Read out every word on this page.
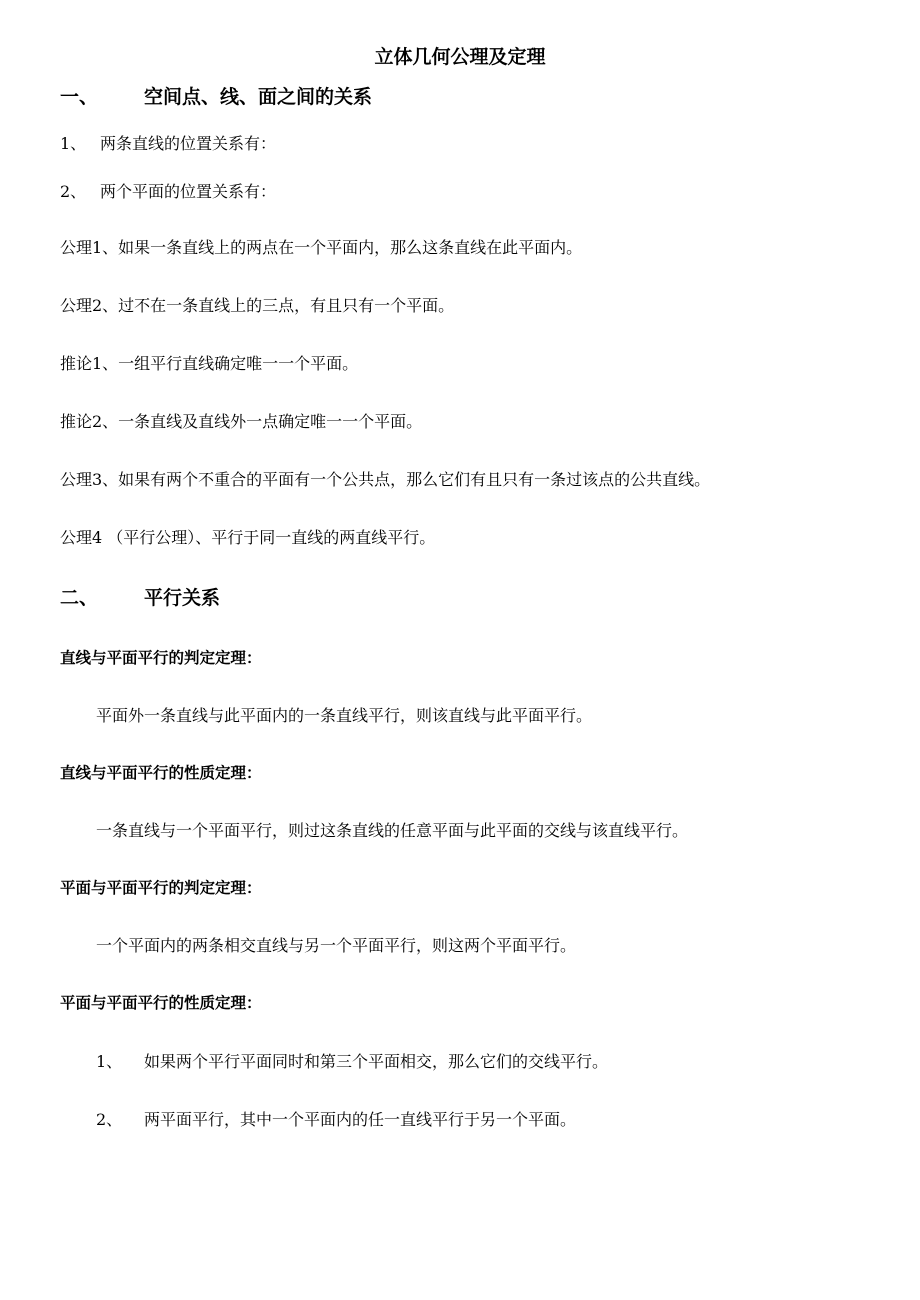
立体几何公理及定理
一、 空间点、线、面之间的关系
1、 两条直线的位置关系有：
2、 两个平面的位置关系有：
公理1、如果一条直线上的两点在一个平面内，那么这条直线在此平面内。
公理2、过不在一条直线上的三点，有且只有一个平面。
推论1、一组平行直线确定唯一一个平面。
推论2、一条直线及直线外一点确定唯一一个平面。
公理3、如果有两个不重合的平面有一个公共点，那么它们有且只有一条过该点的公共直线。
公理4 （平行公理）、平行于同一直线的两直线平行。
二、 平行关系
直线与平面平行的判定定理：
平面外一条直线与此平面内的一条直线平行，则该直线与此平面平行。
直线与平面平行的性质定理：
一条直线与一个平面平行，则过这条直线的任意平面与此平面的交线与该直线平行。
平面与平面平行的判定定理：
一个平面内的两条相交直线与另一个平面平行，则这两个平面平行。
平面与平面平行的性质定理：
1、 如果两个平行平面同时和第三个平面相交，那么它们的交线平行。
2、 两平面平行，其中一个平面内的任一直线平行于另一个平面。
